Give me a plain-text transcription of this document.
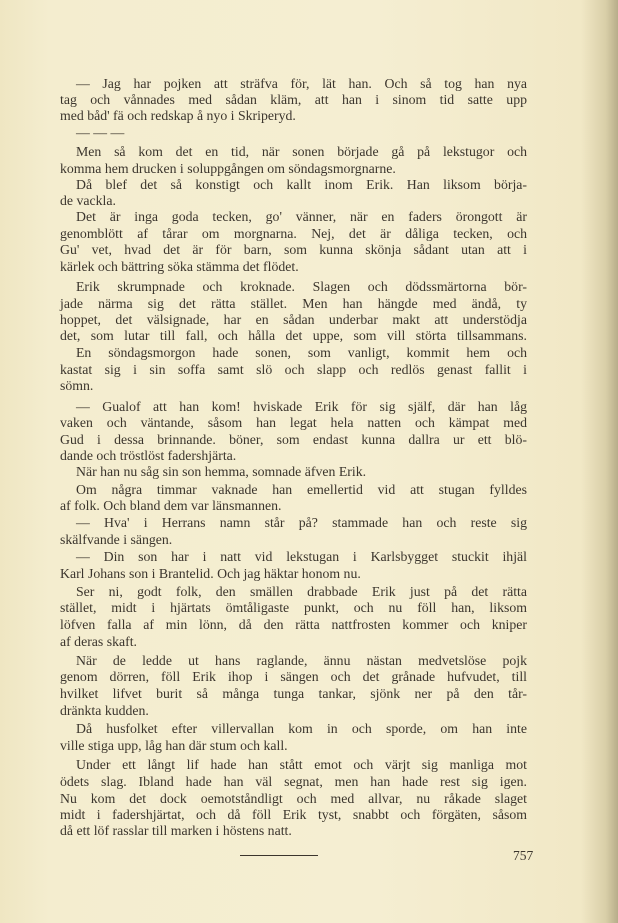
— Jag har pojken att sträfva för, lät han. Och så tog han nya
tag och vånnades med sådan kläm, att han i sinom tid satte upp
med båd' fä och redskap å nyo i Skriperyd.
— — —
Men så kom det en tid, när sonen började gå på lekstugor och
komma hem drucken i soluppgången om söndagsmorgnarne.
Då blef det så konstigt och kallt inom Erik. Han liksom börja-
de vackla.
Det är inga goda tecken, go' vänner, när en faders örongott är
genomblött af tårar om morgnarna. Nej, det är dåliga tecken, och
Gu' vet, hvad det är för barn, som kunna skönja sådant utan att i
kärlek och bättring söka stämma det flödet.
Erik skrumpnade och kroknade. Slagen och dödssmärtorna bör-
jade närma sig det rätta stället. Men han hängde med ändå, ty
hoppet, det välsignade, har en sådan underbar makt att understödja
det, som lutar till fall, och hålla det uppe, som vill störta tillsammans.
En söndagsmorgon hade sonen, som vanligt, kommit hem och
kastat sig i sin soffa samt slö och slapp och redlös genast fallit i
sömn.
— Gualof att han kom! hviskade Erik för sig själf, där han låg
vaken och väntande, såsom han legat hela natten och kämpat med
Gud i dessa brinnande. böner, som endast kunna dallra ur ett blö-
dande och tröstlöst fadershjärta.
När han nu såg sin son hemma, somnade äfven Erik.
Om några timmar vaknade han emellertid vid att stugan fylldes
af folk. Och bland dem var länsmannen.
— Hva' i Herrans namn står på? stammade han och reste sig
skälfvande i sängen.
— Din son har i natt vid lekstugan i Karlsbygget stuckit ihjäl
Karl Johans son i Brantelid. Och jag häktar honom nu.
Ser ni, godt folk, den smällen drabbade Erik just på det rätta
stället, midt i hjärtats ömtåligaste punkt, och nu föll han, liksom
löfven falla af min lönn, då den rätta nattfrosten kommer och kniper
af deras skaft.
När de ledde ut hans raglande, ännu nästan medvetslöse pojk
genom dörren, föll Erik ihop i sängen och det grånade hufvudet, till
hvilket lifvet burit så många tunga tankar, sjönk ner på den tår-
dränkta kudden.
Då husfolket efter villervallan kom in och sporde, om han inte
ville stiga upp, låg han där stum och kall.
Under ett långt lif hade han stått emot och värjt sig manliga mot
ödets slag. Ibland hade han väl segnat, men han hade rest sig igen.
Nu kom det dock oemotståndligt och med allvar, nu råkade slaget
midt i fadershjärtat, och då föll Erik tyst, snabbt och förgäten, såsom
då ett löf rasslar till marken i höstens natt.
757
